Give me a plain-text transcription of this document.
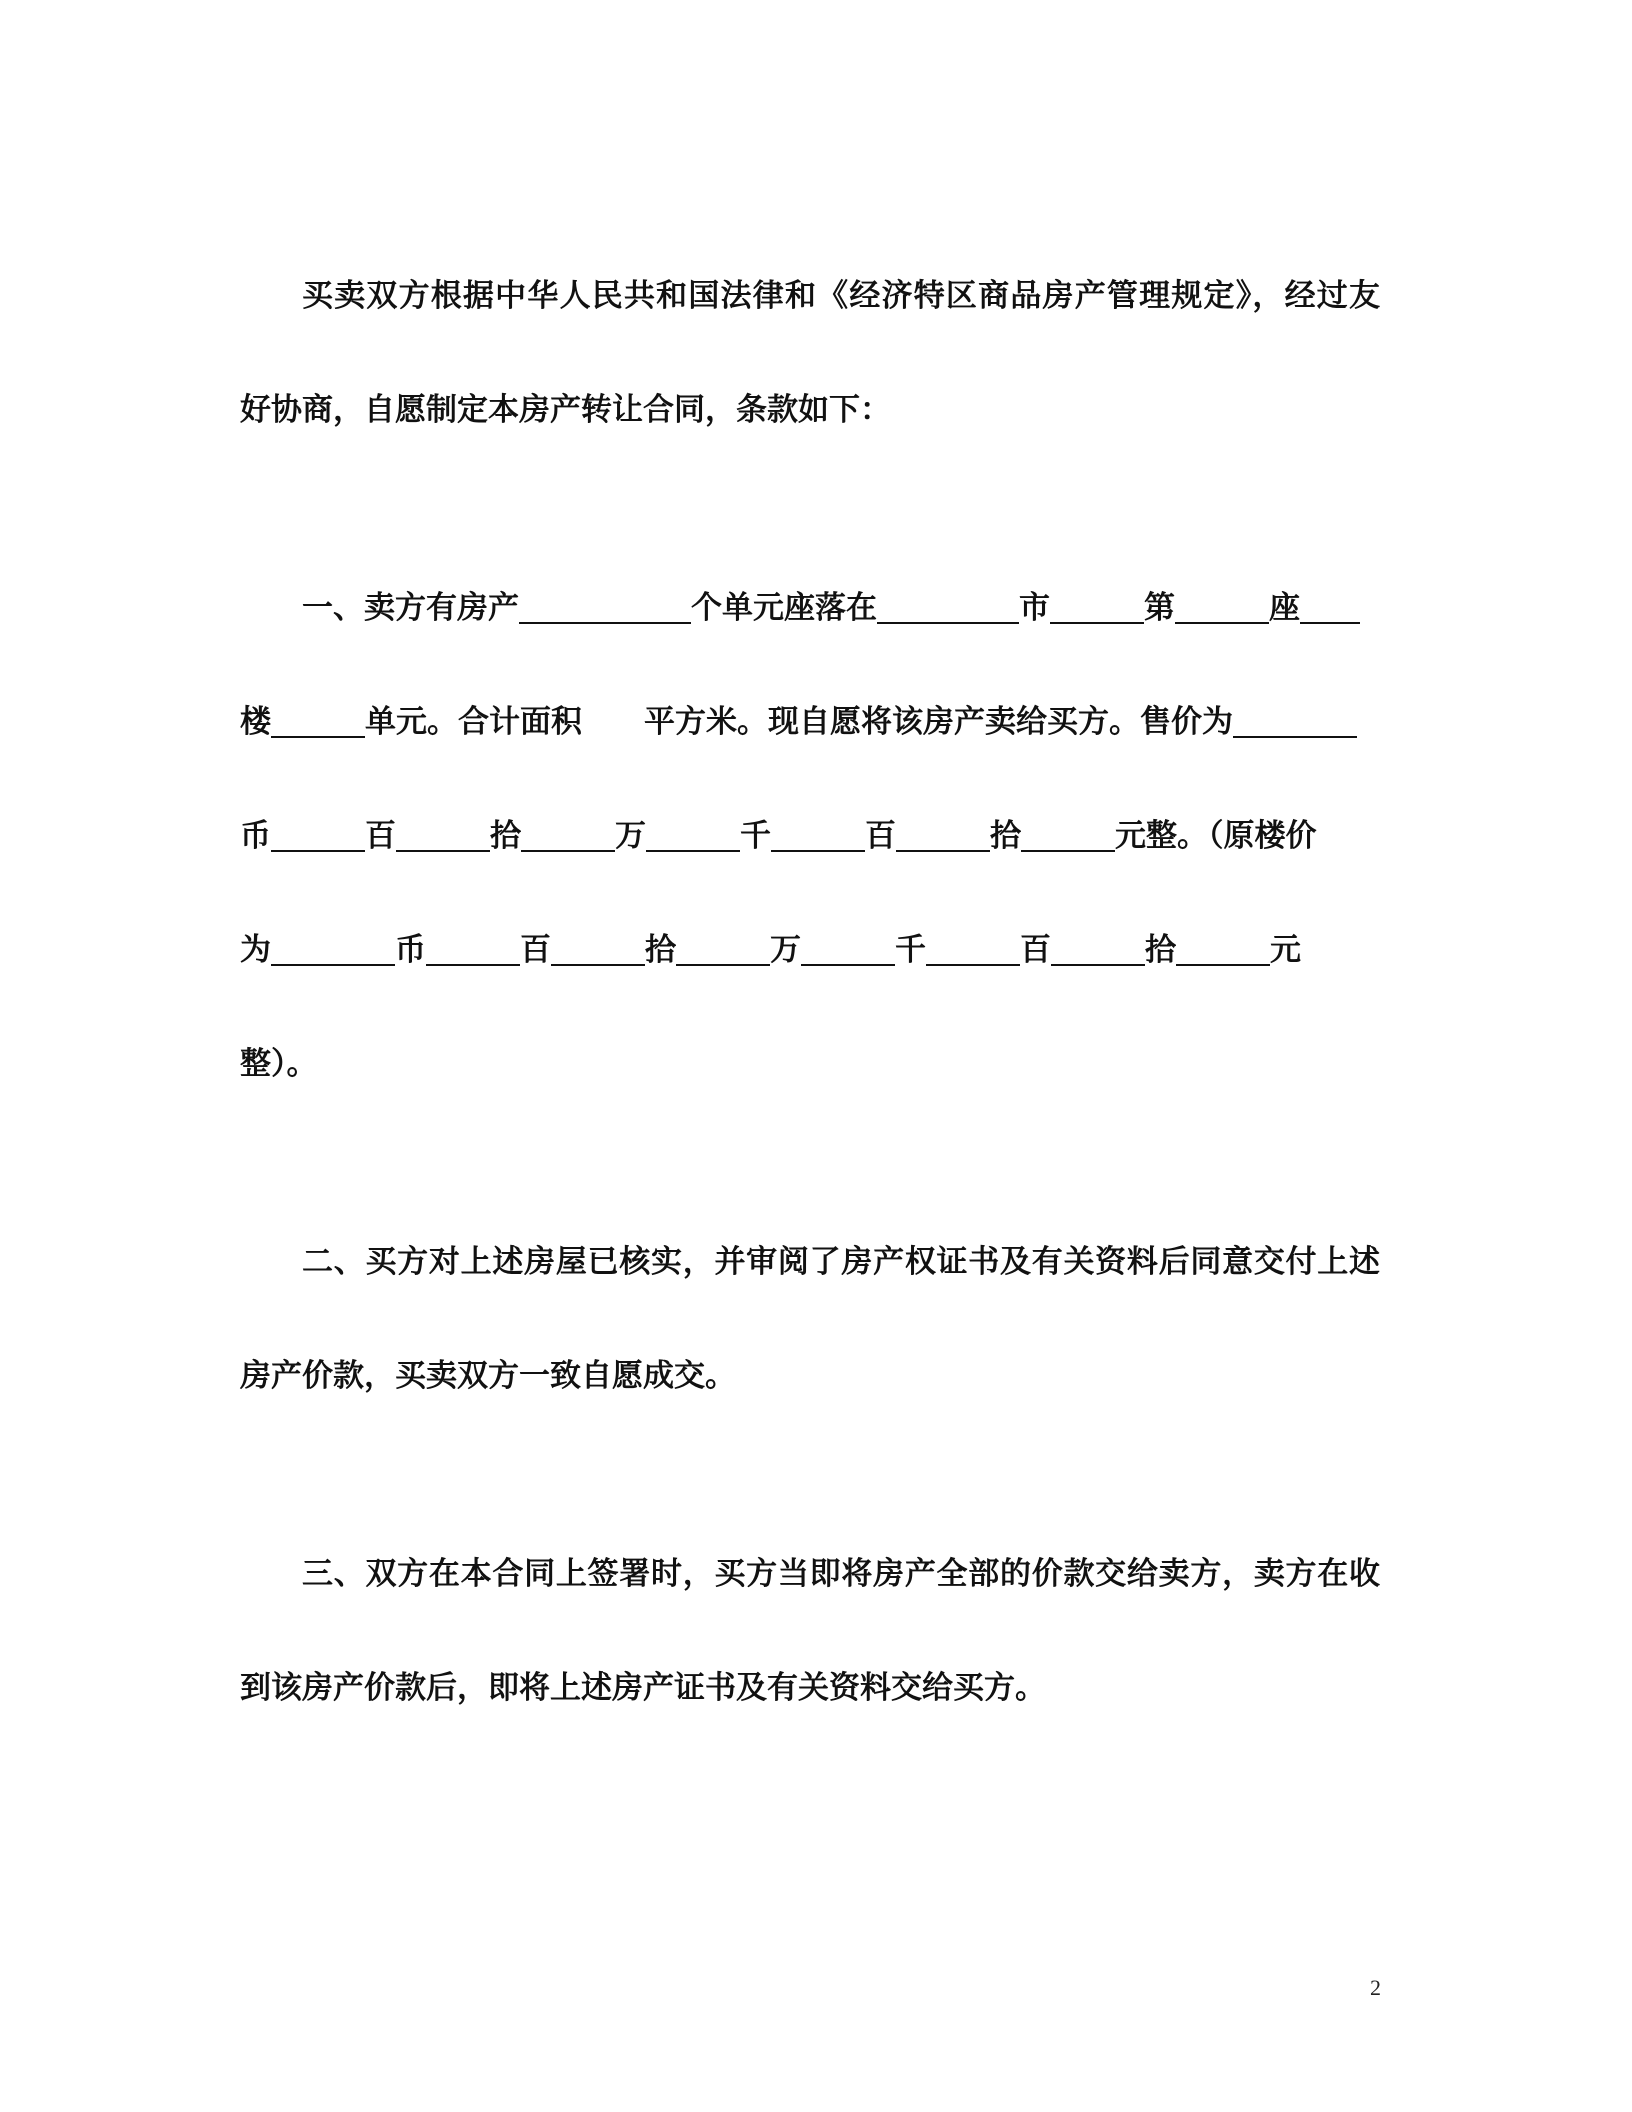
买卖双方根据中华人民共和国法律和《经济特区商品房产管理规定》，经过友
好协商，自愿制定本房产转让合同，条款如下：
一、卖方有房产	个单元座落在	市	第	座
楼	单元。合计面积 平方米。现自愿将该房产卖给买方。售价为
币	百	拾	万	千	百	拾	元整。（原楼价
为	币	百	拾	万	千	百	拾	元
整）。
二、买方对上述房屋已核实，并审阅了房产权证书及有关资料后同意交付上述
房产价款，买卖双方一致自愿成交。
三、双方在本合同上签署时，买方当即将房产全部的价款交给卖方，卖方在收
到该房产价款后，即将上述房产证书及有关资料交给买方。
2
